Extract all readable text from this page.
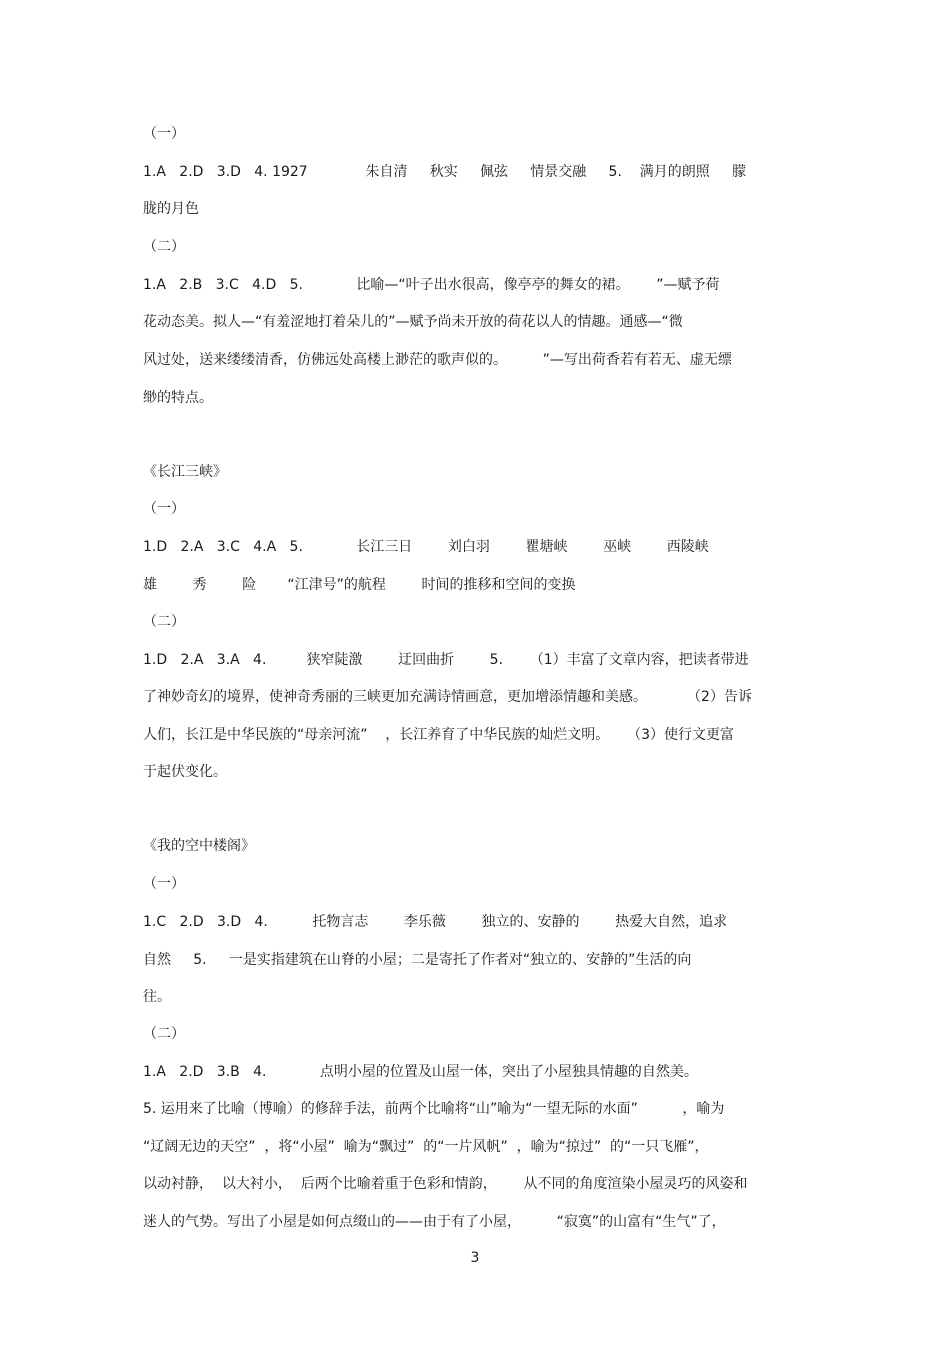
（一）
1.A   2.D   3.D   4. 1927             朱自清     秋实     佩弦     情景交融     5.    满月的朗照     朦
胧的月色
（二）
1.A   2.B   3.C   4.D   5.            比喻—“叶子出水很高，像亭亭的舞女的裙。      ”—赋予荷
花动态美。拟人—“有羞涩地打着朵儿的”—赋予尚未开放的荷花以人的情趣。通感—“微
风过处，送来缕缕清香，仿佛远处高楼上渺茫的歌声似的。        ”—写出荷香若有若无、虚无缥
缈的特点。
《长江三峡》
（一）
1.D   2.A   3.C   4.A   5.            长江三日        刘白羽        瞿塘峡        巫峡        西陵峡
雄        秀        险       “江津号”的航程        时间的推移和空间的变换
（二）
1.D   2.A   3.A   4.         狭窄陡激        迂回曲折        5.      （1）丰富了文章内容，把读者带进
了神妙奇幻的境界，使神奇秀丽的三峡更加充满诗情画意，更加增添情趣和美感。         （2）告诉
人们，长江是中华民族的“母亲河流”    ，长江养育了中华民族的灿烂文明。    （3）使行文更富
于起伏变化。
《我的空中楼阁》
（一）
1.C   2.D   3.D   4.          托物言志        李乐薇        独立的、安静的        热爱大自然，追求
自然     5.     一是实指建筑在山脊的小屋；二是寄托了作者对“独立的、安静的”生活的向
往。
（二）
1.A   2.D   3.B   4.            点明小屋的位置及山屋一体，突出了小屋独具情趣的自然美。
5. 运用来了比喻（博喻）的修辞手法，前两个比喻将“山”喻为“一望无际的水面”          ，喻为
“辽阔无边的天空”  ，将“小屋”  喻为“飘过”  的“一片风帆”  ，喻为“掠过”  的“一只飞雁”，
以动衬静，  以大衬小，  后两个比喻着重于色彩和情韵，      从不同的角度渲染小屋灵巧的风姿和
迷人的气势。写出了小屋是如何点缀山的——由于有了小屋，        “寂寞”的山富有“生气”了，
3
